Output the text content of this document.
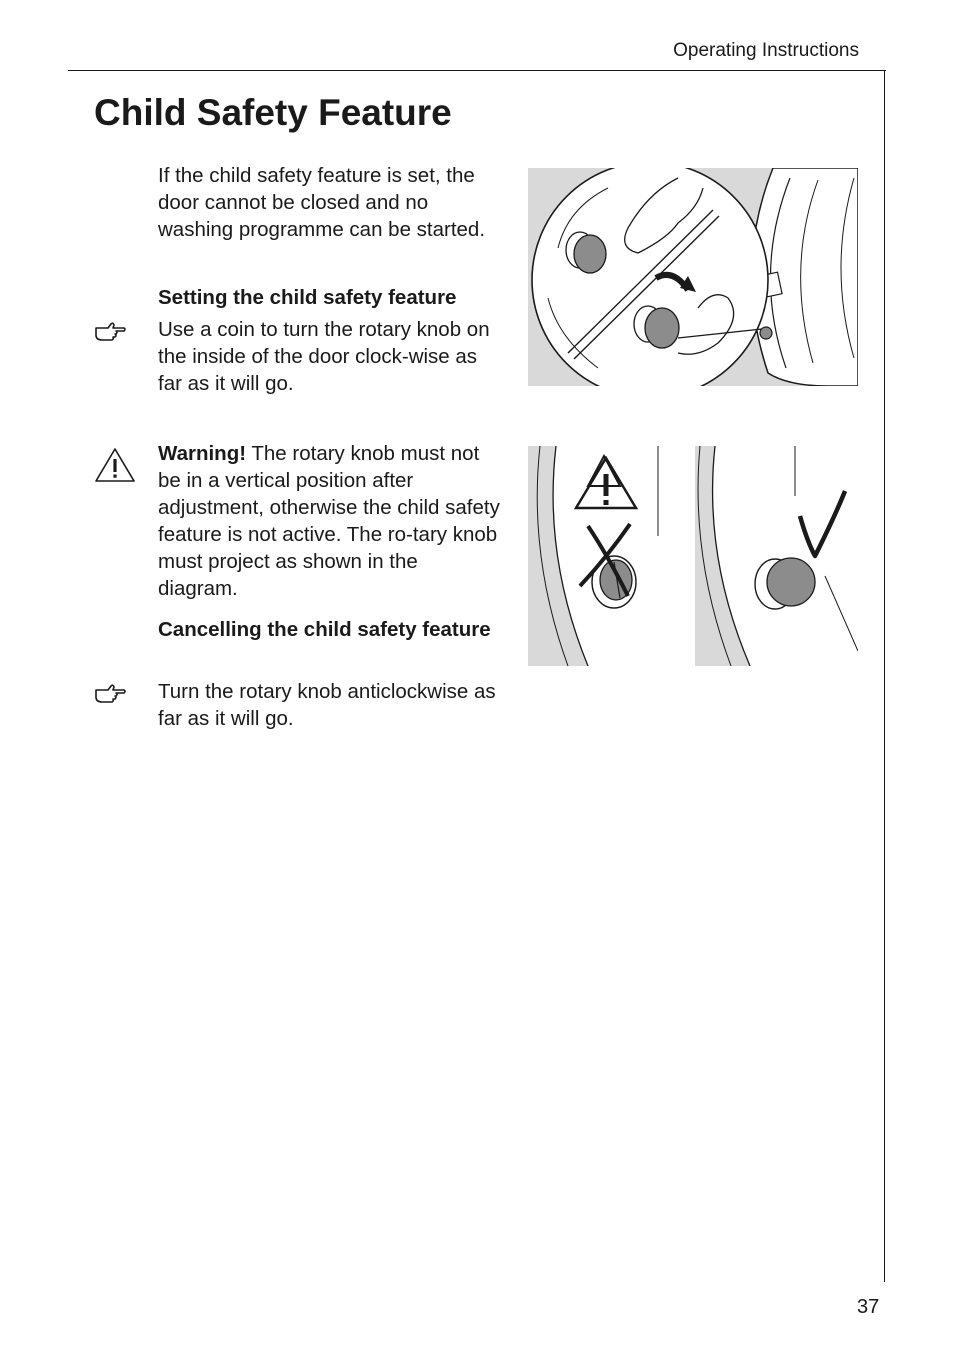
Operating Instructions
Child Safety Feature

If the child safety feature is set, the door cannot be closed and no washing programme can be started.

Setting the child safety feature

Use a coin to turn the rotary knob on the inside of the door clock-wise as far as it will go.

Warning! The rotary knob must not be in a vertical position after adjustment, otherwise the child safety feature is not active. The ro-tary knob must project as shown in the diagram.

Cancelling the child safety feature

Turn the rotary knob anticlockwise as far as it will go.

37
